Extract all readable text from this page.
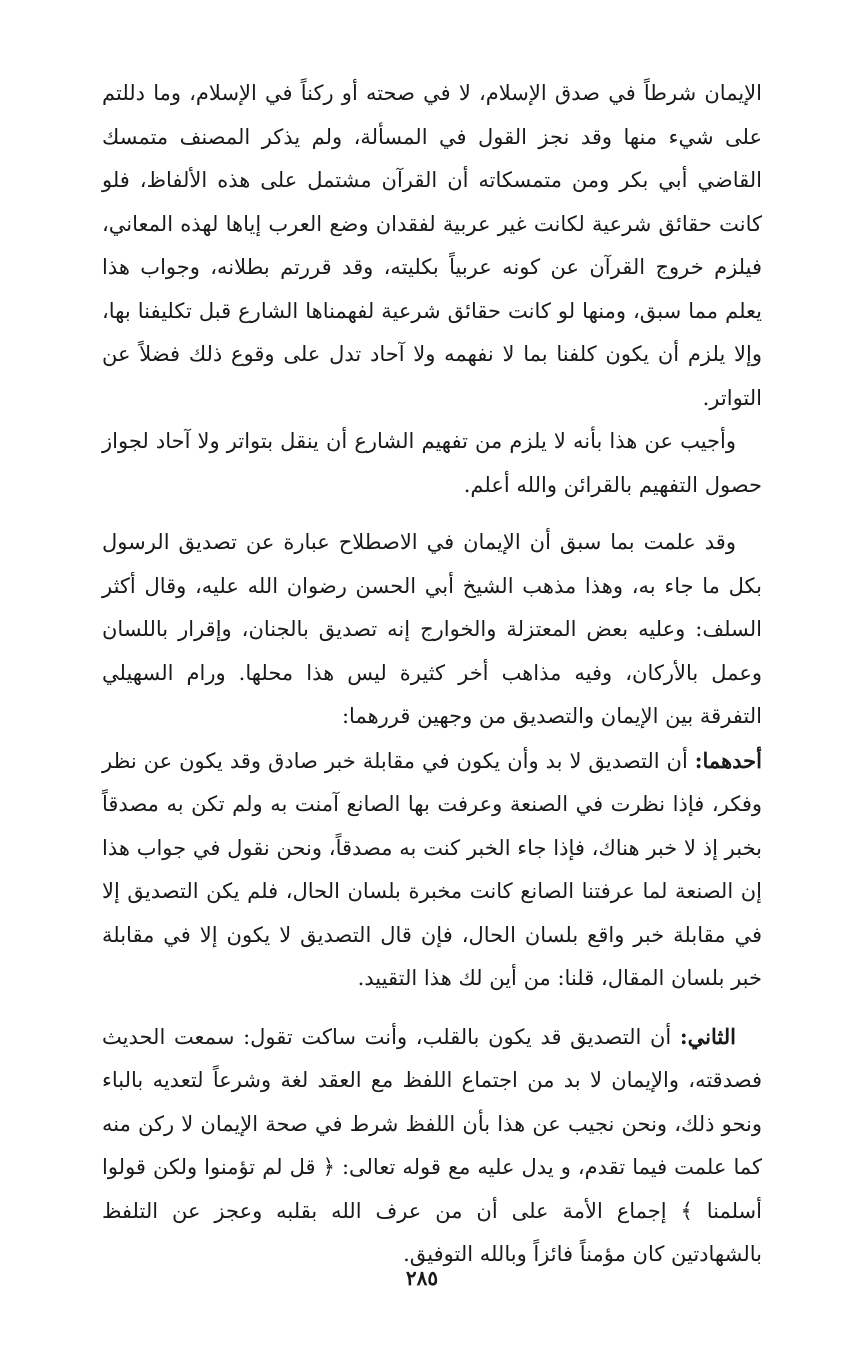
الإيمان شرطاً في صدق الإسلام، لا في صحته أو ركناً في الإسلام، وما دللتم على شيء منها وقد نجز القول في المسألة، ولم يذكر المصنف متمسك القاضي أبي بكر ومن متمسكاته أن القرآن مشتمل على هذه الألفاظ، فلو كانت حقائق شرعية لكانت غير عربية لفقدان وضع العرب إياها لهذه المعاني، فيلزم خروج القرآن عن كونه عربياً بكليته، وقد قررتم بطلانه، وجواب هذا يعلم مما سبق، ومنها لو كانت حقائق شرعية لفهمناها الشارع قبل تكليفنا بها، وإلا يلزم أن يكون كلفنا بما لا نفهمه ولا آحاد تدل على وقوع ذلك فضلاً عن التواتر.

وأجيب عن هذا بأنه لا يلزم من تفهيم الشارع أن ينقل بتواتر ولا آحاد لجواز حصول التفهيم بالقرائن والله أعلم.

وقد علمت بما سبق أن الإيمان في الاصطلاح عبارة عن تصديق الرسول بكل ما جاء به، وهذا مذهب الشيخ أبي الحسن رضوان الله عليه، وقال أكثر السلف: وعليه بعض المعتزلة والخوارج إنه تصديق بالجنان، وإقرار باللسان وعمل بالأركان، وفيه مذاهب أخر كثيرة ليس هذا محلها. ورام السهيلي التفرقة بين الإيمان والتصديق من وجهين قررهما:

أحدهما: أن التصديق لا بد وأن يكون في مقابلة خبر صادق وقد يكون عن نظر وفكر، فإذا نظرت في الصنعة وعرفت بها الصانع آمنت به ولم تكن به مصدقاً بخبر إذ لا خبر هناك، فإذا جاء الخبر كنت به مصدقاً، ونحن نقول في جواب هذا إن الصنعة لما عرفتنا الصانع كانت مخبرة بلسان الحال، فلم يكن التصديق إلا في مقابلة خبر واقع بلسان الحال، فإن قال التصديق لا يكون إلا في مقابلة خبر بلسان المقال، قلنا: من أين لك هذا التقييد.

الثاني: أن التصديق قد يكون بالقلب، وأنت ساكت تقول: سمعت الحديث فصدقته، والإيمان لا بد من اجتماع اللفظ مع العقد لغة وشرعاً لتعديه بالباء ونحو ذلك، ونحن نجيب عن هذا بأن اللفظ شرط في صحة الإيمان لا ركن منه كما علمت فيما تقدم، و يدل عليه مع قوله تعالى: ﴿ قل لم تؤمنوا ولكن قولوا أسلمنا ﴾ إجماع الأمة على أن من عرف الله بقلبه وعجز عن التلفظ بالشهادتين كان مؤمناً فائزاً وبالله التوفيق.

٢٨٥
